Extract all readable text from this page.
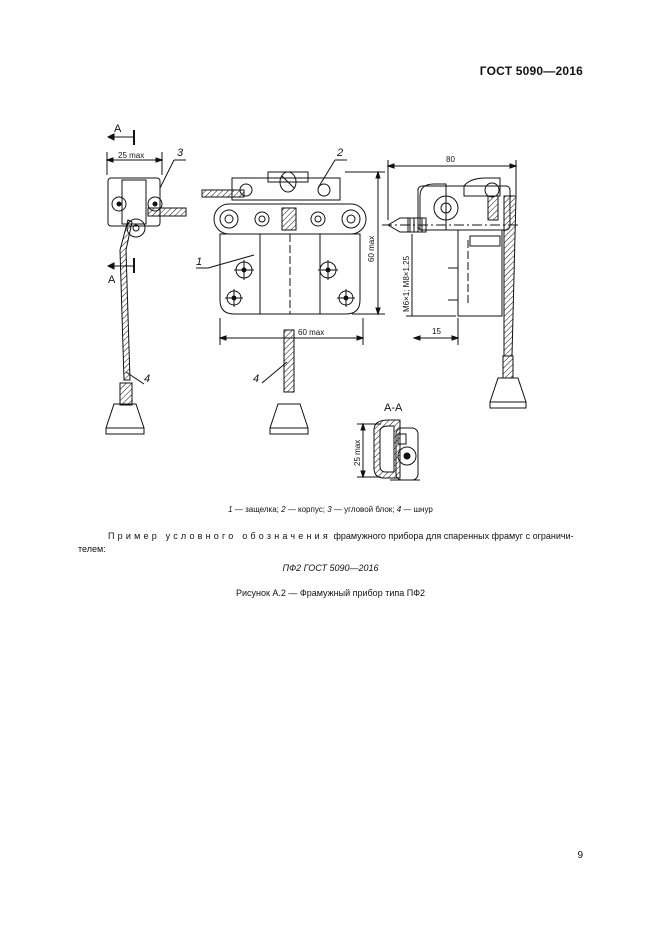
ГОСТ 5090—2016
A
A
25 max	3
4
2
1
60 max
60 max
4
80
M6×1; M8×1,25
15
A-A
25 max
1 — защелка; 2 — корпус; 3 — угловой блок; 4 — шнур
Пример условного обозначения фрамужного прибора для спаренных фрамуг с ограничи-
телем:
ПФ2 ГОСТ 5090—2016
Рисунок А.2 — Фрамужный прибор типа ПФ2
9
